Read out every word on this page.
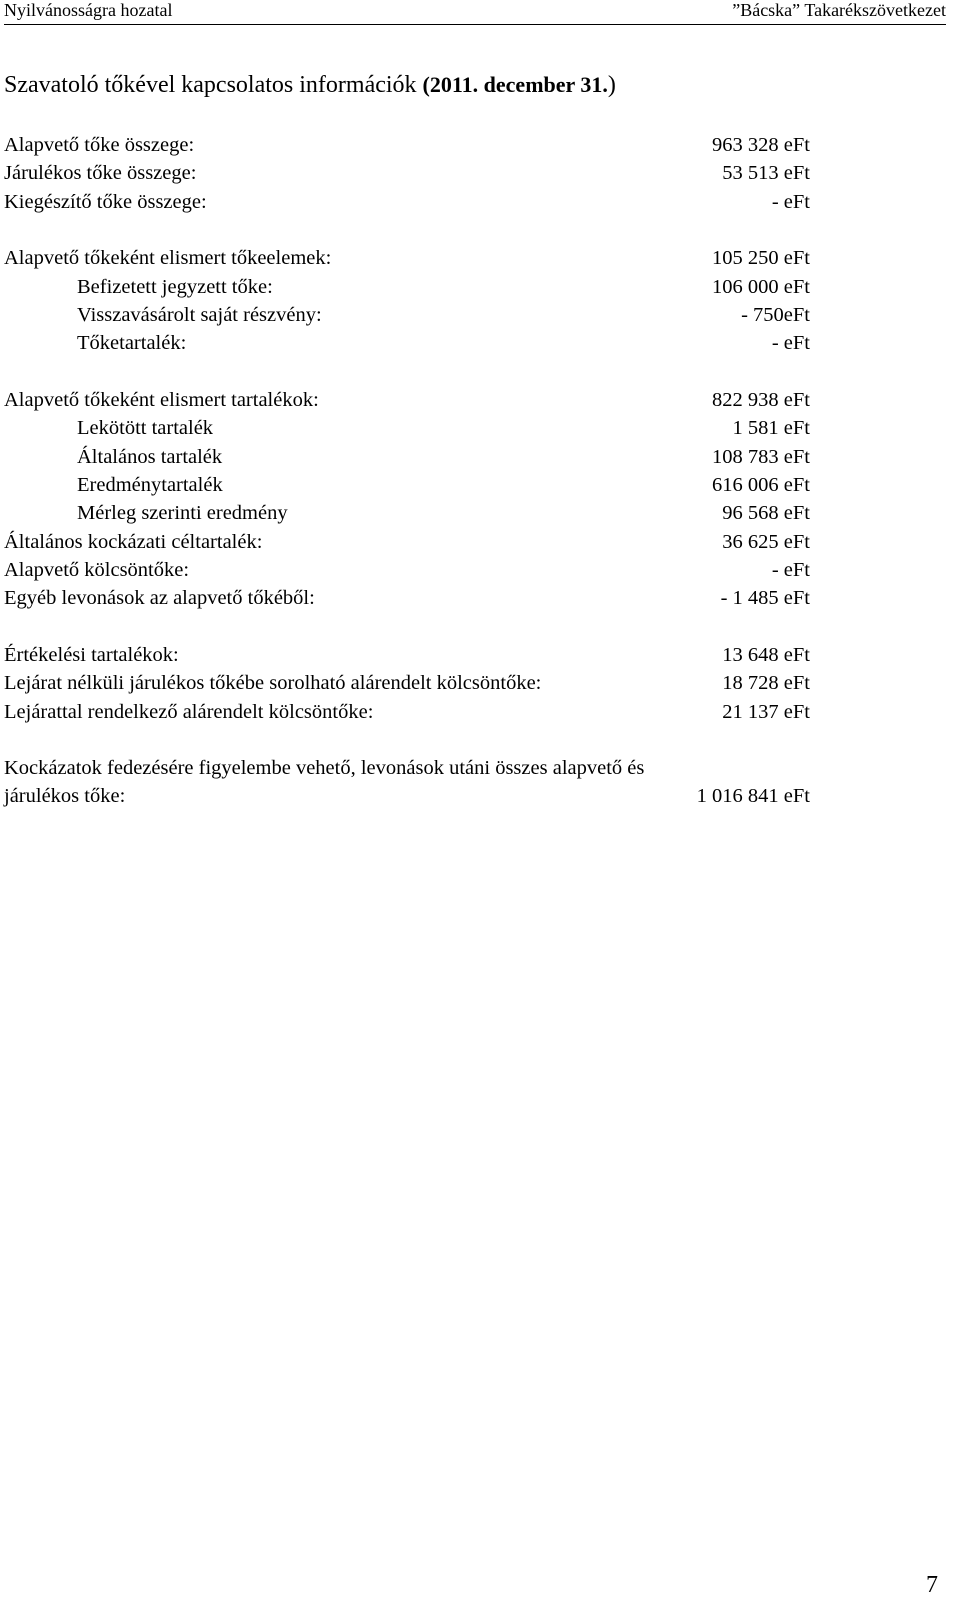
Nyilvánosságra hozatal	”Bácska” Takarékszövetkezet
Szavatoló tőkével kapcsolatos információk (2011. december 31.)
Alapvető tőke összege:	963 328 eFt
Járulékos tőke összege:	53 513 eFt
Kiegészítő tőke összege:	- eFt
Alapvető tőkeként elismert tőkeelemek:	105 250 eFt
Befizetett jegyzett tőke:	106 000 eFt
Visszavásárolt saját részvény:	- 750eFt
Tőketartalék:	- eFt
Alapvető tőkeként elismert tartalékok:	822 938 eFt
Lekötött tartalék	1 581 eFt
Általános tartalék	108 783 eFt
Eredménytartalék	616 006 eFt
Mérleg szerinti eredmény	96 568 eFt
Általános kockázati céltartalék:	36 625 eFt
Alapvető kölcsöntőke:	- eFt
Egyéb levonások az alapvető tőkéből:	- 1 485 eFt
Értékelési tartalékok:	13 648 eFt
Lejárat nélküli járulékos tőkébe sorolható alárendelt kölcsöntőke:	18 728 eFt
Lejárattal rendelkező alárendelt kölcsöntőke:	21 137 eFt
Kockázatok fedezésére figyelembe vehető, levonások utáni összes alapvető és járulékos tőke:	1 016 841 eFt
7
